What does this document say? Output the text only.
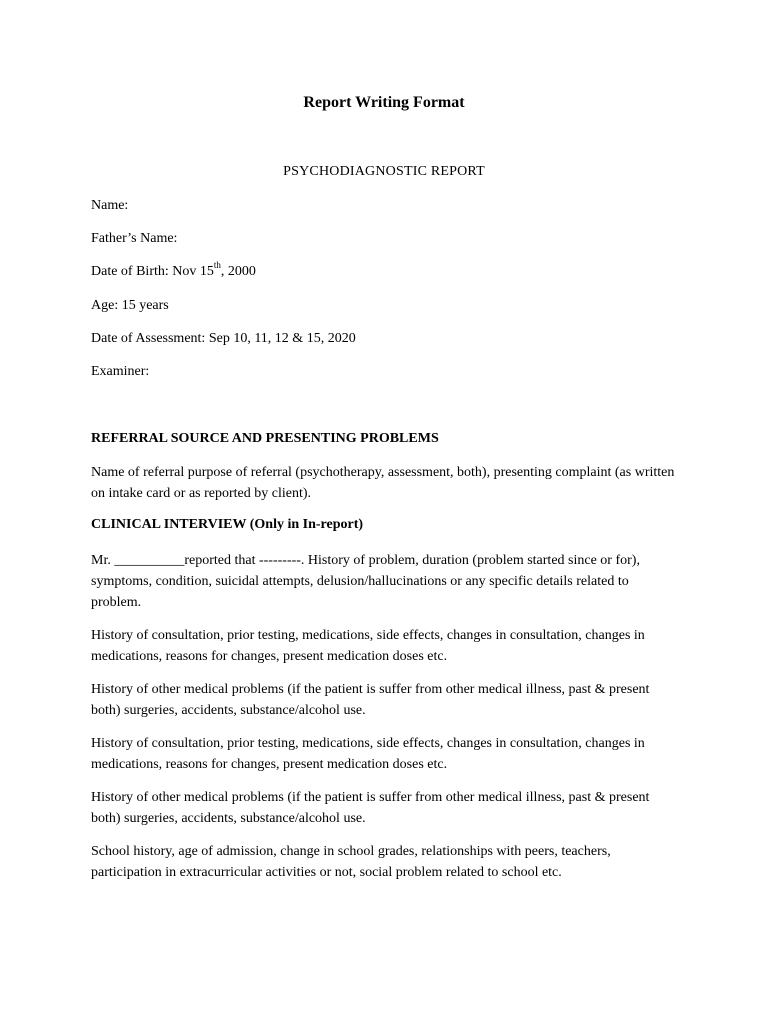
Report Writing Format
PSYCHODIAGNOSTIC REPORT
Name:
Father’s Name:
Date of Birth: Nov 15th, 2000
Age: 15 years
Date of Assessment: Sep 10, 11, 12 & 15, 2020
Examiner:
REFERRAL SOURCE AND PRESENTING PROBLEMS
Name of referral purpose of referral (psychotherapy, assessment, both), presenting complaint (as written on intake card or as reported by client).
CLINICAL INTERVIEW (Only in In-report)
Mr. __________reported that ---------. History of problem, duration (problem started since or for), symptoms, condition, suicidal attempts, delusion/hallucinations or any specific details related to problem.
History of consultation, prior testing, medications, side effects, changes in consultation, changes in medications, reasons for changes, present medication doses etc.
History of other medical problems (if the patient is suffer from other medical illness, past & present both) surgeries, accidents, substance/alcohol use.
History of consultation, prior testing, medications, side effects, changes in consultation, changes in medications, reasons for changes, present medication doses etc.
History of other medical problems (if the patient is suffer from other medical illness, past & present both) surgeries, accidents, substance/alcohol use.
School history, age of admission, change in school grades, relationships with peers, teachers, participation in extracurricular activities or not, social problem related to school etc.
